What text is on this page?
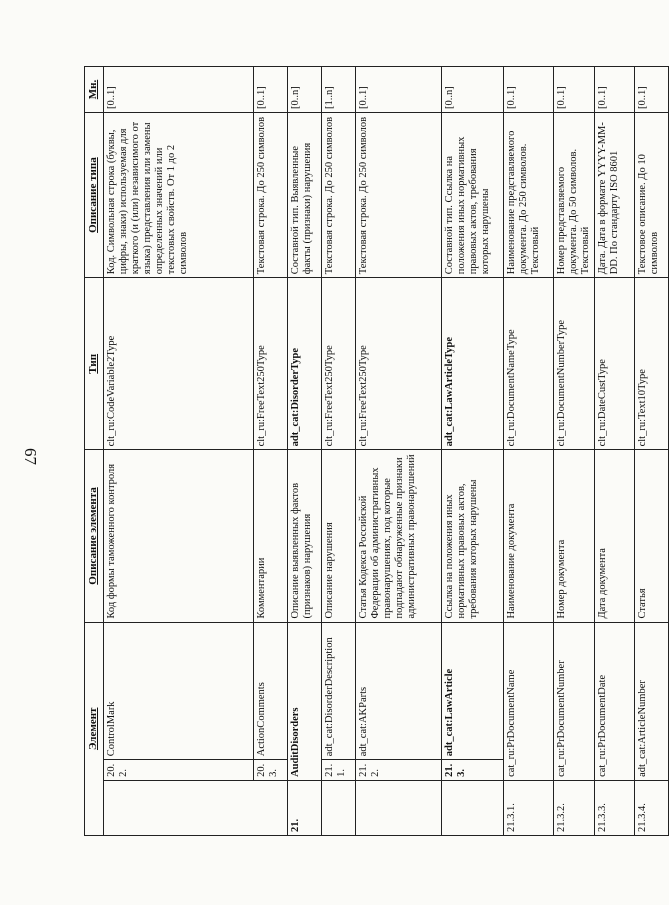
67
Элемент			Описание элемента	Тип	Описание типа	Мн.
	20.2.	ControlMark	Код формы таможенного контроля	clt_ru:CodeVariable2Type	Код. Символьная строка (буквы, цифры, знаки) используемая для краткого (и (или) независимого от языка) представления или замены определенных значений или текстовых свойств. От 1 до 2 символов	[0..1]
	20.3.	ActionComments	Комментарии	clt_ru:FreeText250Type	Текстовая строка. До 250 символов	[0..1]
21.	AuditDisorders		Описание выявленных фактов (признаков) нарушения	adt_cat:DisorderType	Составной тип. Выявленные факты (признаки) нарушения	[0..n]
	21.1.	adt_cat:DisorderDescription	Описание нарушения	clt_ru:FreeText250Type	Текстовая строка. До 250 символов	[1..n]
	21.2.	adt_cat:AKParts	Статья Кодекса Российской Федерации об административных правонарушениях, под которые подпадают обнаруженные признаки административных правонарушений	clt_ru:FreeText250Type	Текстовая строка. До 250 символов	[0..1]
	21.3.	adt_cat:LawArticle	Ссылка на положения иных нормативных правовых актов, требования которых нарушены	adt_cat:LawArticleType	Составной тип. Ссылка на положения иных нормативных правовых актов, требования которых нарушены	[0..n]
21.3.1.	cat_ru:PrDocumentName		Наименование документа	clt_ru:DocumentNameType	Наименование представляемого документа. До 250 символов. Текстовый	[0..1]
21.3.2.	cat_ru:PrDocumentNumber		Номер документа	clt_ru:DocumentNumberType	Номер представляемого документа. До 50 символов. Текстовый	[0..1]
21.3.3.	cat_ru:PrDocumentDate		Дата документа	clt_ru:DateCustType	Дата. Дата в формате YYYY-MM-DD. По стандарту ISO 8601	[0..1]
21.3.4.	adt_cat:ArticleNumber		Статья	clt_ru:Text10Type	Текстовое описание. До 10 символов	[0..1]
